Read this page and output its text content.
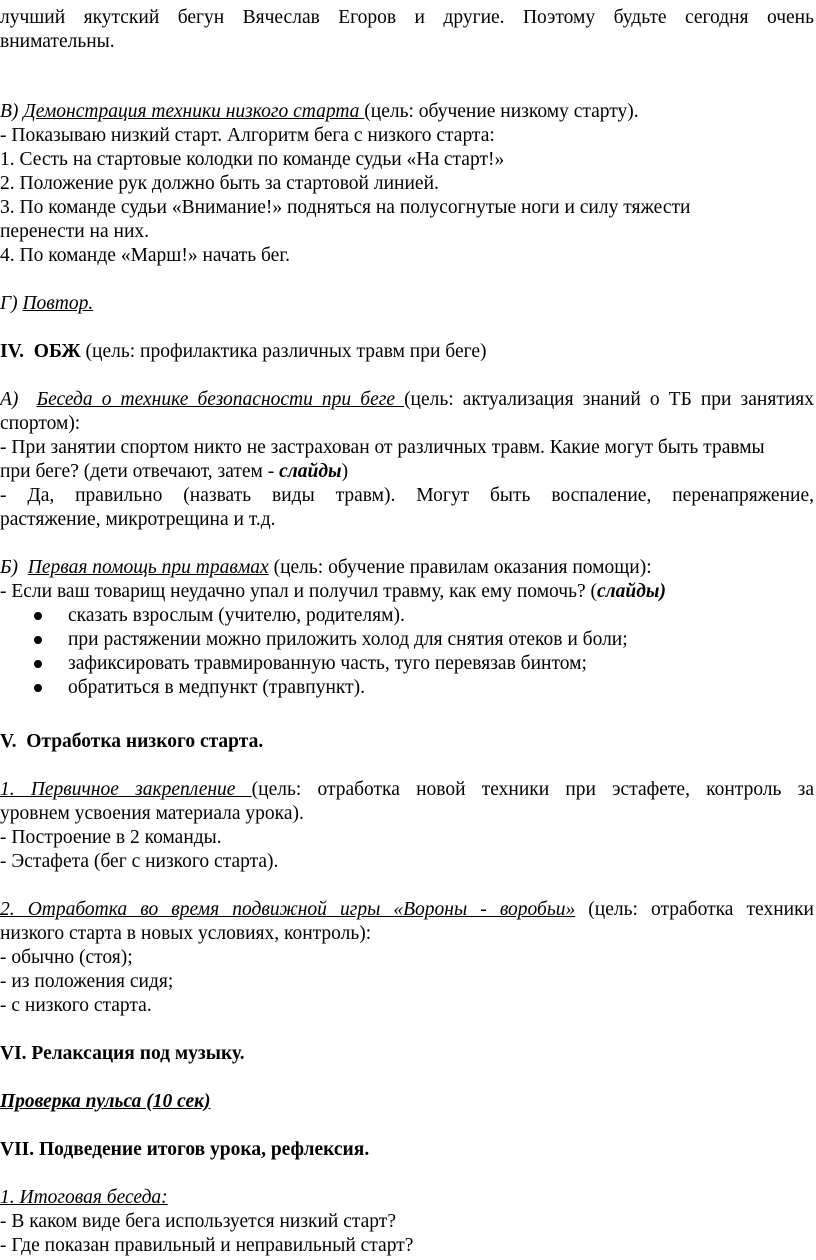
лучший якутский бегун Вячеслав Егоров и другие. Поэтому будьте сегодня очень
внимательны.
В) Демонстрация техники низкого старта (цель: обучение низкому старту).
- Показываю низкий старт. Алгоритм бега с низкого старта:
1. Сесть на стартовые колодки по команде судьи «На старт!»
2. Положение рук должно быть за стартовой линией.
3. По команде судьи «Внимание!» подняться на полусогнутые ноги и силу тяжести
перенести на них.
4. По команде «Марш!» начать бег.
Г) Повтор.
IV. ОБЖ (цель: профилактика различных травм при беге)
А) Беседа о технике безопасности при беге (цель: актуализация знаний о ТБ при занятиях
спортом):
- При занятии спортом никто не застрахован от различных травм. Какие могут быть травмы
при беге? (дети отвечают, затем - слайды)
- Да, правильно (назвать виды травм). Могут быть воспаление, перенапряжение,
растяжение, микротрещина и т.д.
Б) Первая помощь при травмах (цель: обучение правилам оказания помощи):
- Если ваш товарищ неудачно упал и получил травму, как ему помочь? (слайды)
сказать взрослым (учителю, родителям).
при растяжении можно приложить холод для снятия отеков и боли;
зафиксировать травмированную часть, туго перевязав бинтом;
обратиться в медпункт (травпункт).
V. Отработка низкого старта.
1. Первичное закрепление (цель: отработка новой техники при эстафете, контроль за
уровнем усвоения материала урока).
- Построение в 2 команды.
- Эстафета (бег с низкого старта).
2. Отработка во время подвижной игры «Вороны - воробьи» (цель: отработка техники
низкого старта в новых условиях, контроль):
- обычно (стоя);
- из положения сидя;
- с низкого старта.
VI. Релаксация под музыку.
Проверка пульса (10 сек)
VII. Подведение итогов урока, рефлексия.
1. Итоговая беседа:
- В каком виде бега используется низкий старт?
- Где показан правильный и неправильный старт?
